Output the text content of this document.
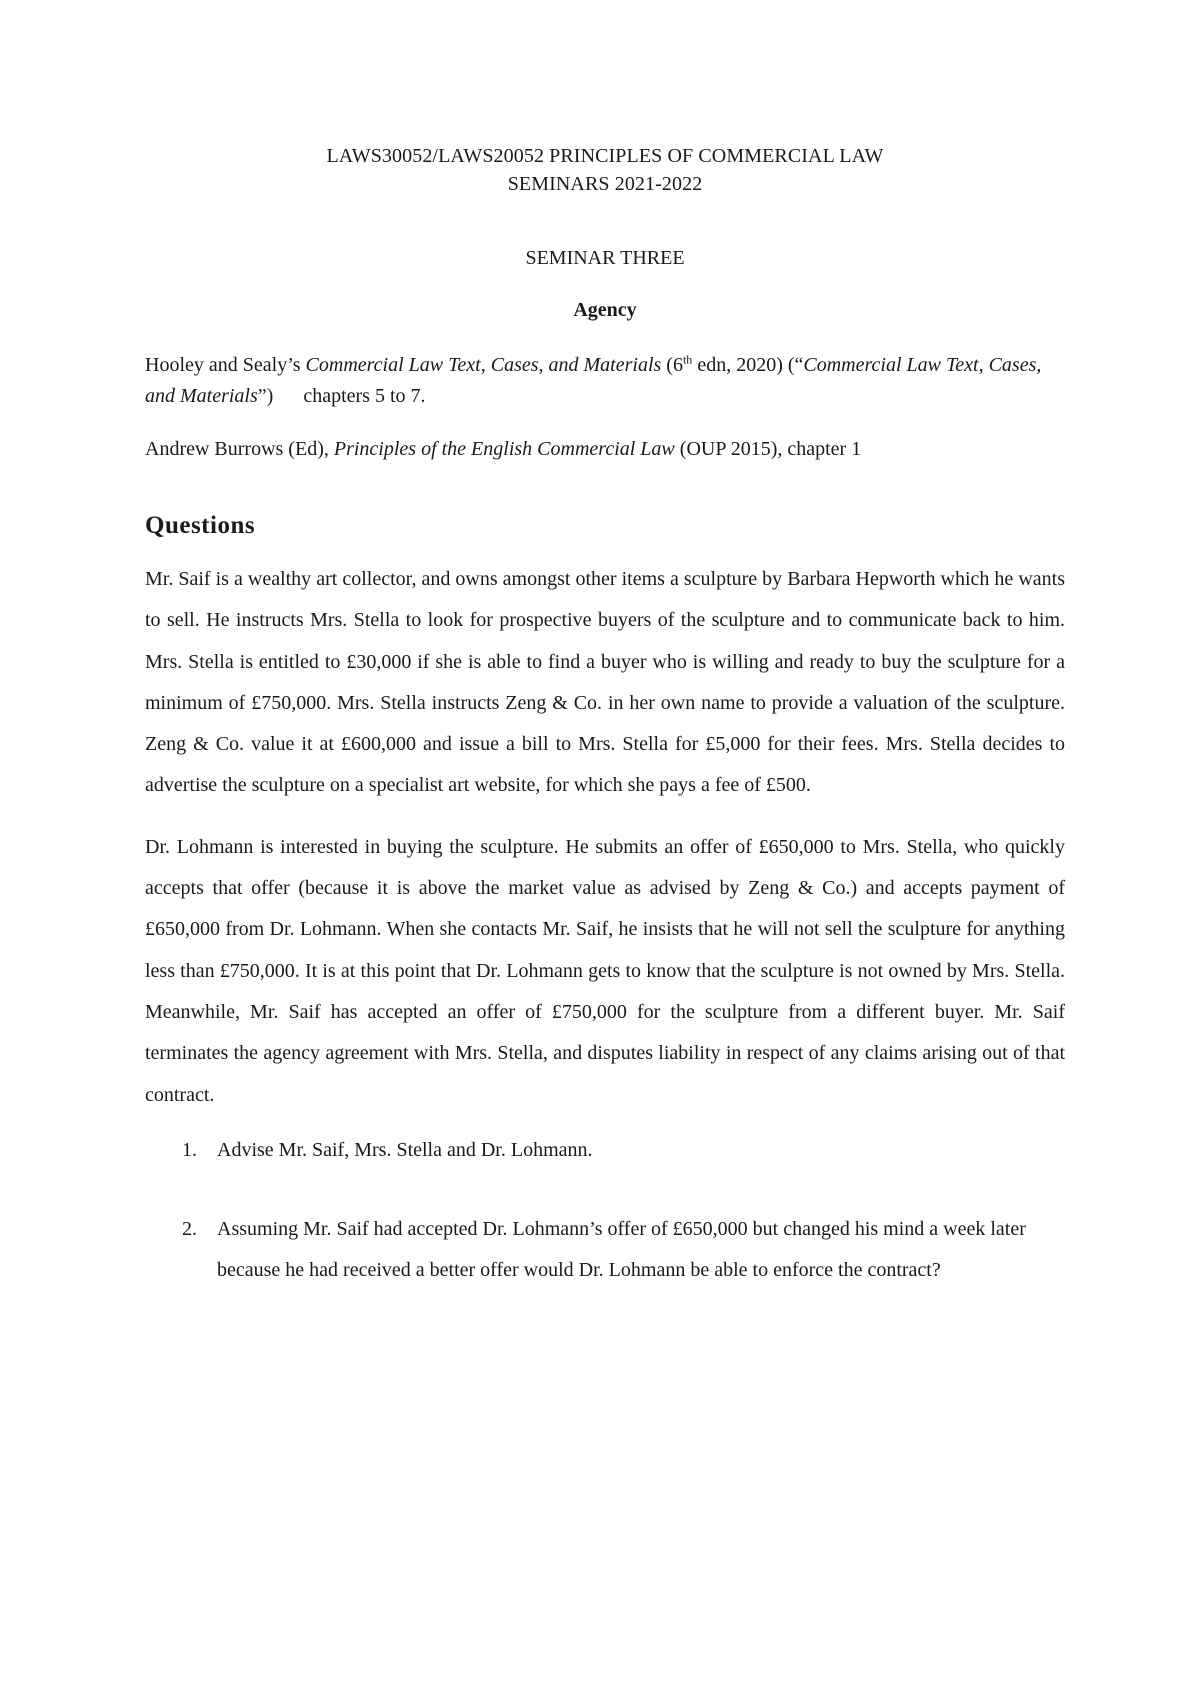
LAWS30052/LAWS20052 PRINCIPLES OF COMMERCIAL LAW
SEMINARS 2021-2022
SEMINAR THREE
Agency
Hooley and Sealy’s Commercial Law Text, Cases, and Materials (6th edn, 2020) (“Commercial Law Text, Cases, and Materials”)      chapters 5 to 7.
Andrew Burrows (Ed), Principles of the English Commercial Law (OUP 2015), chapter 1
Questions

Mr. Saif is a wealthy art collector, and owns amongst other items a sculpture by Barbara Hepworth which he wants to sell. He instructs Mrs. Stella to look for prospective buyers of the sculpture and to communicate back to him. Mrs. Stella is entitled to £30,000 if she is able to find a buyer who is willing and ready to buy the sculpture for a minimum of £750,000. Mrs. Stella instructs Zeng & Co. in her own name to provide a valuation of the sculpture. Zeng & Co. value it at £600,000 and issue a bill to Mrs. Stella for £5,000 for their fees. Mrs. Stella decides to advertise the sculpture on a specialist art website, for which she pays a fee of £500.

Dr. Lohmann is interested in buying the sculpture. He submits an offer of £650,000 to Mrs. Stella, who quickly accepts that offer (because it is above the market value as advised by Zeng & Co.) and accepts payment of £650,000 from Dr. Lohmann. When she contacts Mr. Saif, he insists that he will not sell the sculpture for anything less than £750,000. It is at this point that Dr. Lohmann gets to know that the sculpture is not owned by Mrs. Stella. Meanwhile, Mr. Saif has accepted an offer of £750,000 for the sculpture from a different buyer. Mr. Saif terminates the agency agreement with Mrs. Stella, and disputes liability in respect of any claims arising out of that contract.

1. Advise Mr. Saif, Mrs. Stella and Dr. Lohmann.
2. Assuming Mr. Saif had accepted Dr. Lohmann’s offer of £650,000 but changed his mind a week later because he had received a better offer would Dr. Lohmann be able to enforce the contract?
